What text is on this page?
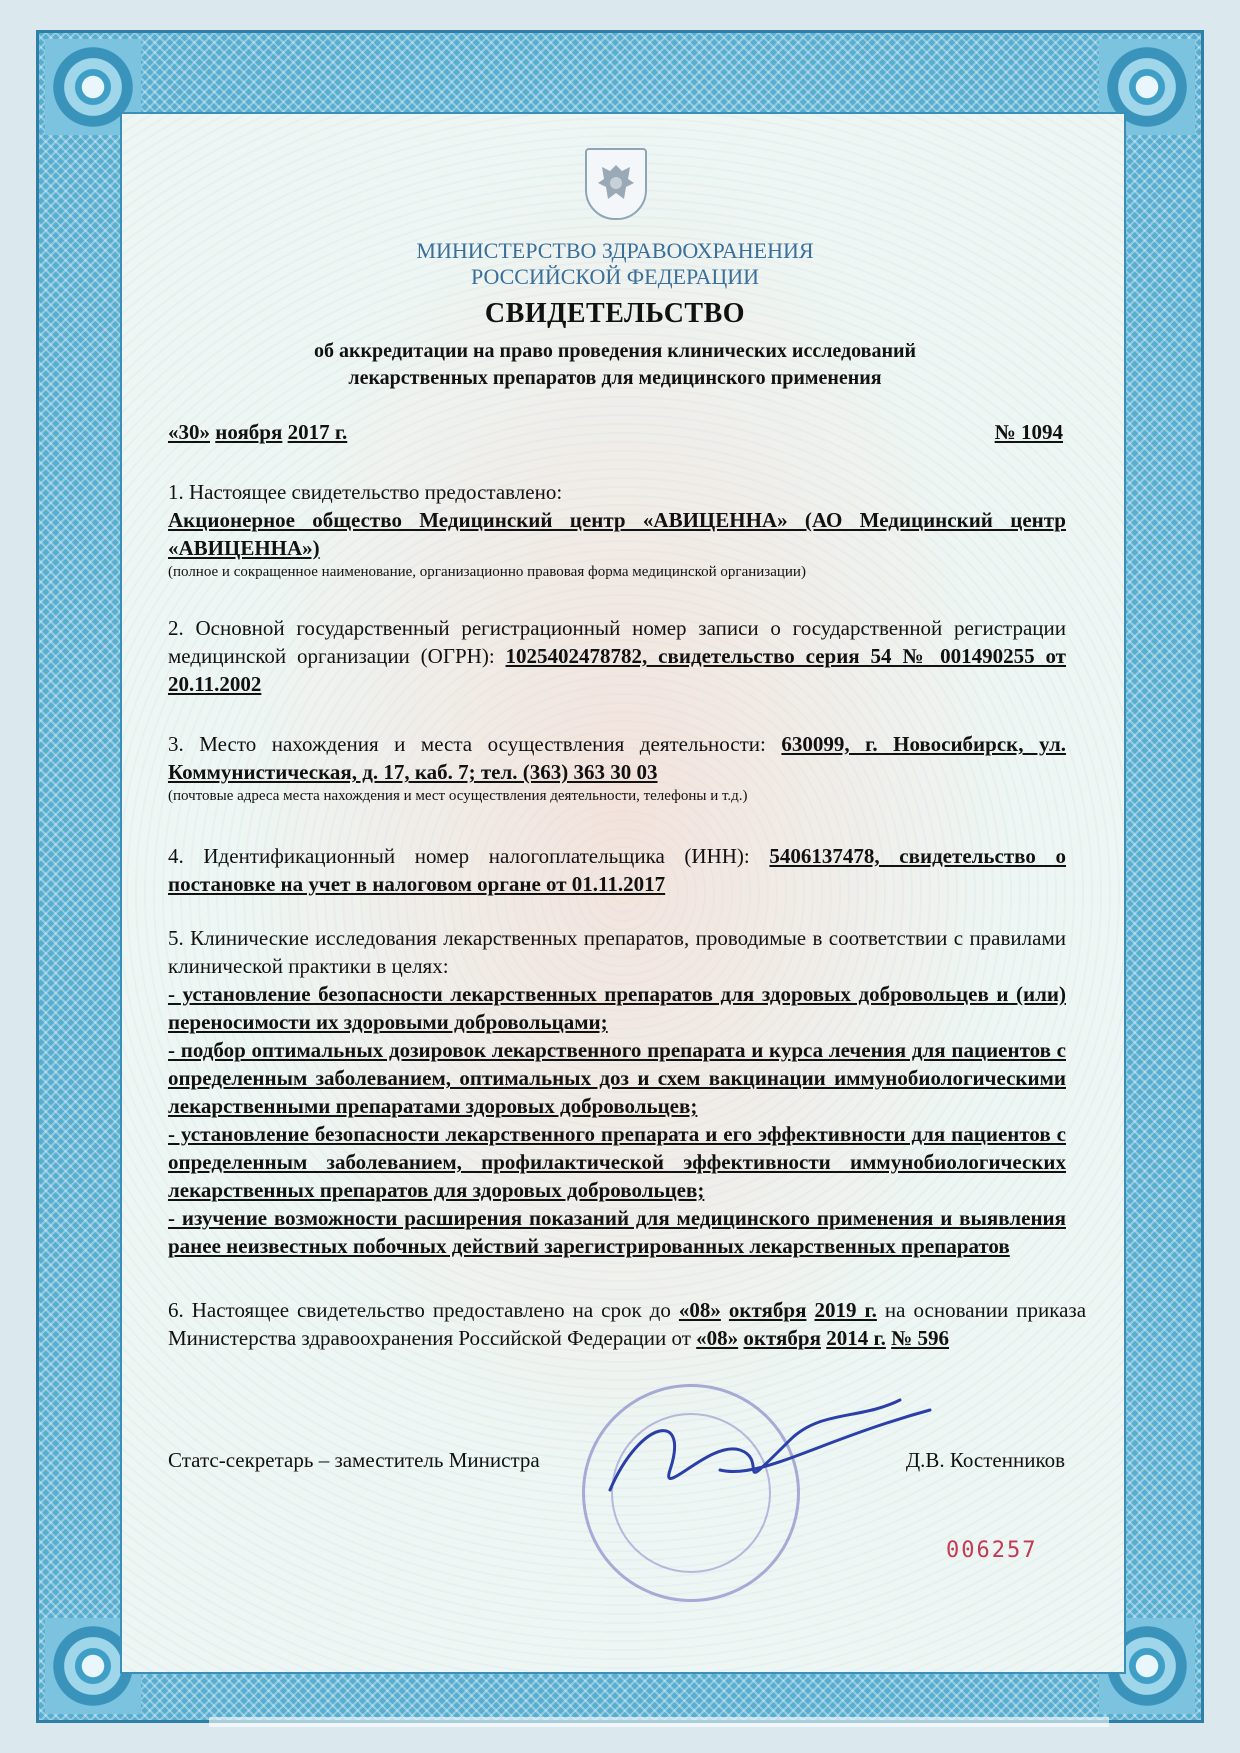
МИНИСТЕРСТВО ЗДРАВООХРАНЕНИЯ
РОССИЙСКОЙ ФЕДЕРАЦИИ
СВИДЕТЕЛЬСТВО
об аккредитации на право проведения клинических исследований
лекарственных препаратов для медицинского применения
«30» ноября 2017 г.	№ 1094
1. Настоящее свидетельство предоставлено:
Акционерное общество Медицинский центр «АВИЦЕННА» (АО Медицинский центр «АВИЦЕННА»)
(полное и сокращенное наименование, организационно правовая форма медицинской организации)
2. Основной государственный регистрационный номер записи о государственной регистрации медицинской организации (ОГРН): 1025402478782, свидетельство серия 54 № 001490255 от 20.11.2002
3. Место нахождения и места осуществления деятельности: 630099, г. Новосибирск, ул. Коммунистическая, д. 17, каб. 7; тел. (363) 363 30 03
(почтовые адреса места нахождения и мест осуществления деятельности, телефоны и т.д.)
4. Идентификационный номер налогоплательщика (ИНН): 5406137478, свидетельство о постановке на учет в налоговом органе от 01.11.2017
5. Клинические исследования лекарственных препаратов, проводимые в соответствии с правилами клинической практики в целях:
- установление безопасности лекарственных препаратов для здоровых добровольцев и (или) переносимости их здоровыми добровольцами;
- подбор оптимальных дозировок лекарственного препарата и курса лечения для пациентов с определенным заболеванием, оптимальных доз и схем вакцинации иммунобиологическими лекарственными препаратами здоровых добровольцев;
- установление безопасности лекарственного препарата и его эффективности для пациентов с определенным заболеванием, профилактической эффективности иммунобиологических лекарственных препаратов для здоровых добровольцев;
- изучение возможности расширения показаний для медицинского применения и выявления ранее неизвестных побочных действий зарегистрированных лекарственных препаратов
6. Настоящее свидетельство предоставлено на срок до «08» октября 2019 г. на основании приказа Министерства здравоохранения Российской Федерации от «08» октября 2014 г. № 596
Статс-секретарь – заместитель Министра	Д.В. Костенников
006257
